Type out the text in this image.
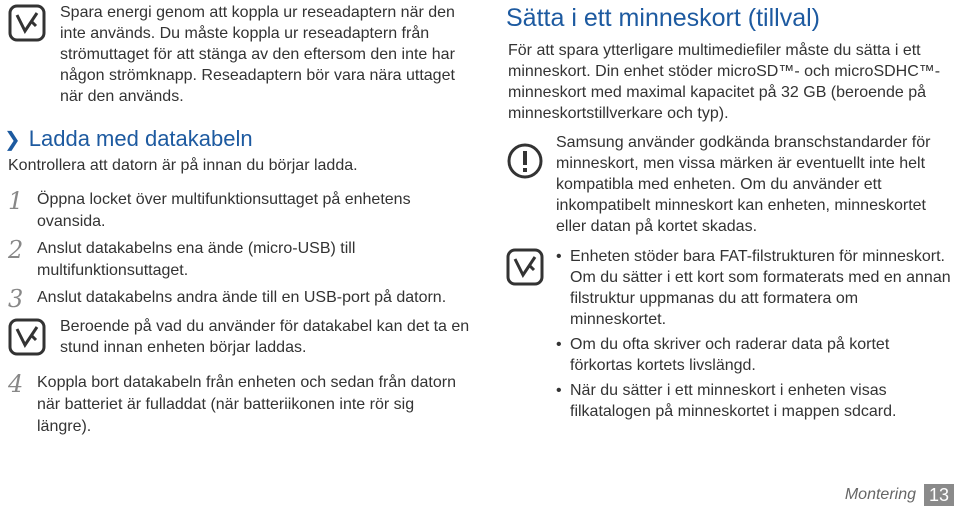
Spara energi genom att koppla ur reseadaptern när den inte används. Du måste koppla ur reseadaptern från strömuttaget för att stänga av den eftersom den inte har någon strömknapp. Reseadaptern bör vara nära uttaget när den används.
❯ Ladda med datakabeln
Kontrollera att datorn är på innan du börjar ladda.
1 Öppna locket över multifunktionsuttaget på enhetens ovansida.
2 Anslut datakabelns ena ände (micro-USB) till multifunktionsuttaget.
3 Anslut datakabelns andra ände till en USB-port på datorn.
Beroende på vad du använder för datakabel kan det ta en stund innan enheten börjar laddas.
4 Koppla bort datakabeln från enheten och sedan från datorn när batteriet är fulladdat (när batteriikonen inte rör sig längre).
Sätta i ett minneskort (tillval)
För att spara ytterligare multimediefiler måste du sätta i ett minneskort. Din enhet stöder microSD™- och microSDHC™-minneskort med maximal kapacitet på 32 GB (beroende på minneskortstillverkare och typ).
Samsung använder godkända branschstandarder för minneskort, men vissa märken är eventuellt inte helt kompatibla med enheten. Om du använder ett inkompatibelt minneskort kan enheten, minneskortet eller datan på kortet skadas.
• Enheten stöder bara FAT-filstrukturen för minneskort. Om du sätter i ett kort som formaterats med en annan filstruktur uppmanas du att formatera om minneskortet.
• Om du ofta skriver och raderar data på kortet förkortas kortets livslängd.
• När du sätter i ett minneskort i enheten visas filkatalogen på minneskortet i mappen sdcard.
Montering 13
